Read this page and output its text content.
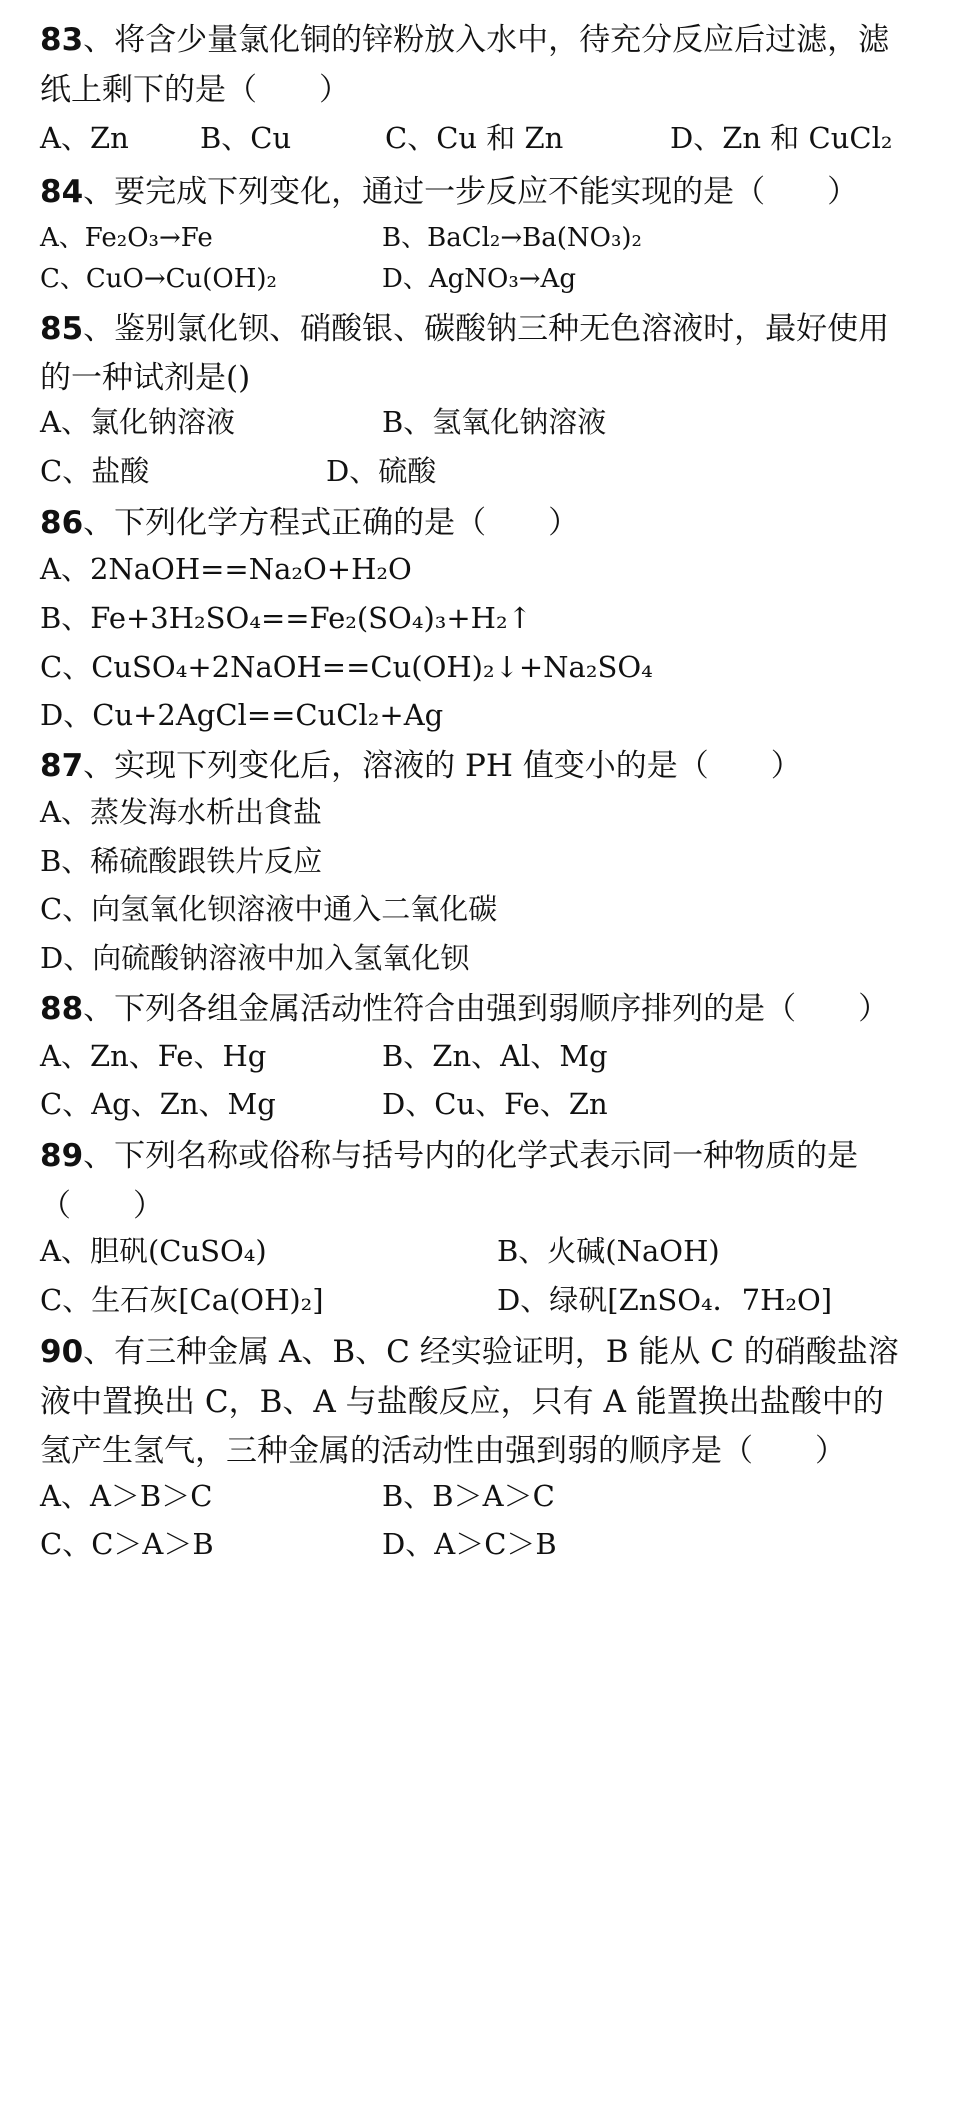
83、将含少量氯化铜的锌粉放入水中，待充分反应后过滤，滤
纸上剩下的是（　　）
A、Zn B、Cu	C、Cu 和 Zn	D、Zn 和 CuCl₂
84、要完成下列变化，通过一步反应不能实现的是（　　）
A、Fe₂O₃→Fe	B、BaCl₂→Ba(NO₃)₂
C、CuO→Cu(OH)₂	D、AgNO₃→Ag
85、鉴别氯化钡、硝酸银、碳酸钠三种无色溶液时，最好使用
的一种试剂是()
A、氯化钠溶液	B、氢氧化钠溶液
C、盐酸	D、硫酸
86、下列化学方程式正确的是（　　）
A、2NaOH==Na₂O+H₂O
B、Fe+3H₂SO₄==Fe₂(SO₄)₃+H₂↑
C、CuSO₄+2NaOH==Cu(OH)₂↓+Na₂SO₄
D、Cu+2AgCl==CuCl₂+Ag
87、实现下列变化后，溶液的 PH 值变小的是（　　）
A、蒸发海水析出食盐
B、稀硫酸跟铁片反应
C、向氢氧化钡溶液中通入二氧化碳
D、向硫酸钠溶液中加入氢氧化钡
88、下列各组金属活动性符合由强到弱顺序排列的是（　　）
A、Zn、Fe、Hg	B、Zn、Al、Mg
C、Ag、Zn、Mg	D、Cu、Fe、Zn
89、下列名称或俗称与括号内的化学式表示同一种物质的是
（　　）
A、胆矾(CuSO₄)	B、火碱(NaOH)
C、生石灰[Ca(OH)₂]	D、绿矾[ZnSO₄．7H₂O]
90、有三种金属 A、B、C 经实验证明，B 能从 C 的硝酸盐溶
液中置换出 C，B、A 与盐酸反应，只有 A 能置换出盐酸中的
氢产生氢气，三种金属的活动性由强到弱的顺序是（　　）
A、A＞B＞C	B、B＞A＞C
C、C＞A＞B	D、A＞C＞B
